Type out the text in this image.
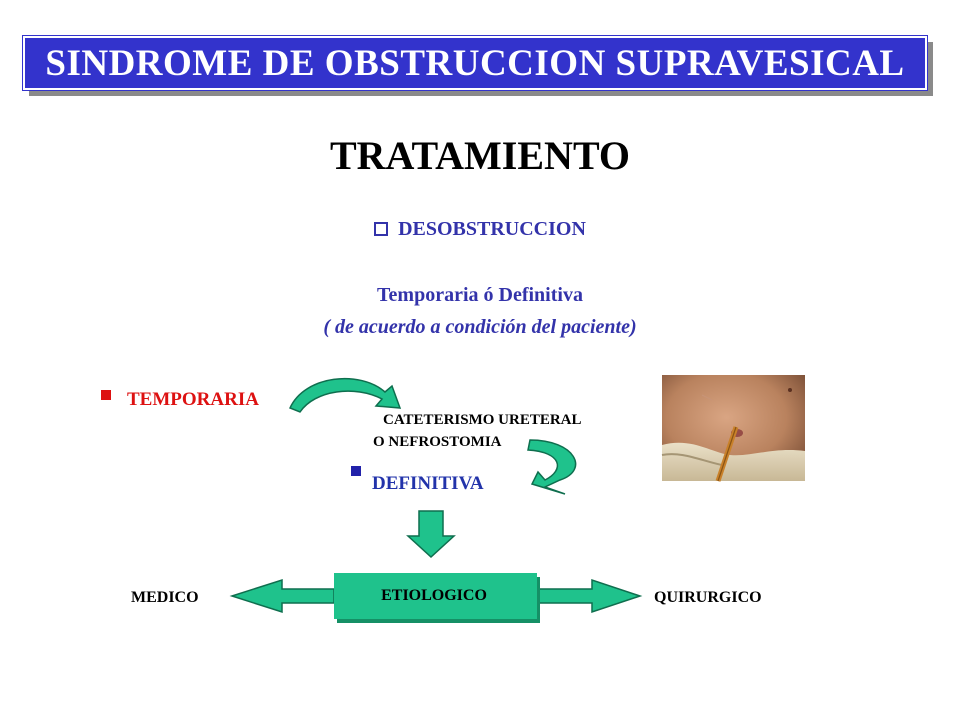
SINDROME DE OBSTRUCCION SUPRAVESICAL
TRATAMIENTO
DESOBSTRUCCION
Temporaria ó Definitiva
( de acuerdo a condición del paciente)
TEMPORARIA
CATETERISMO URETERAL
O NEFROSTOMIA
DEFINITIVA
ETIOLOGICO
MEDICO	QUIRURGICO
